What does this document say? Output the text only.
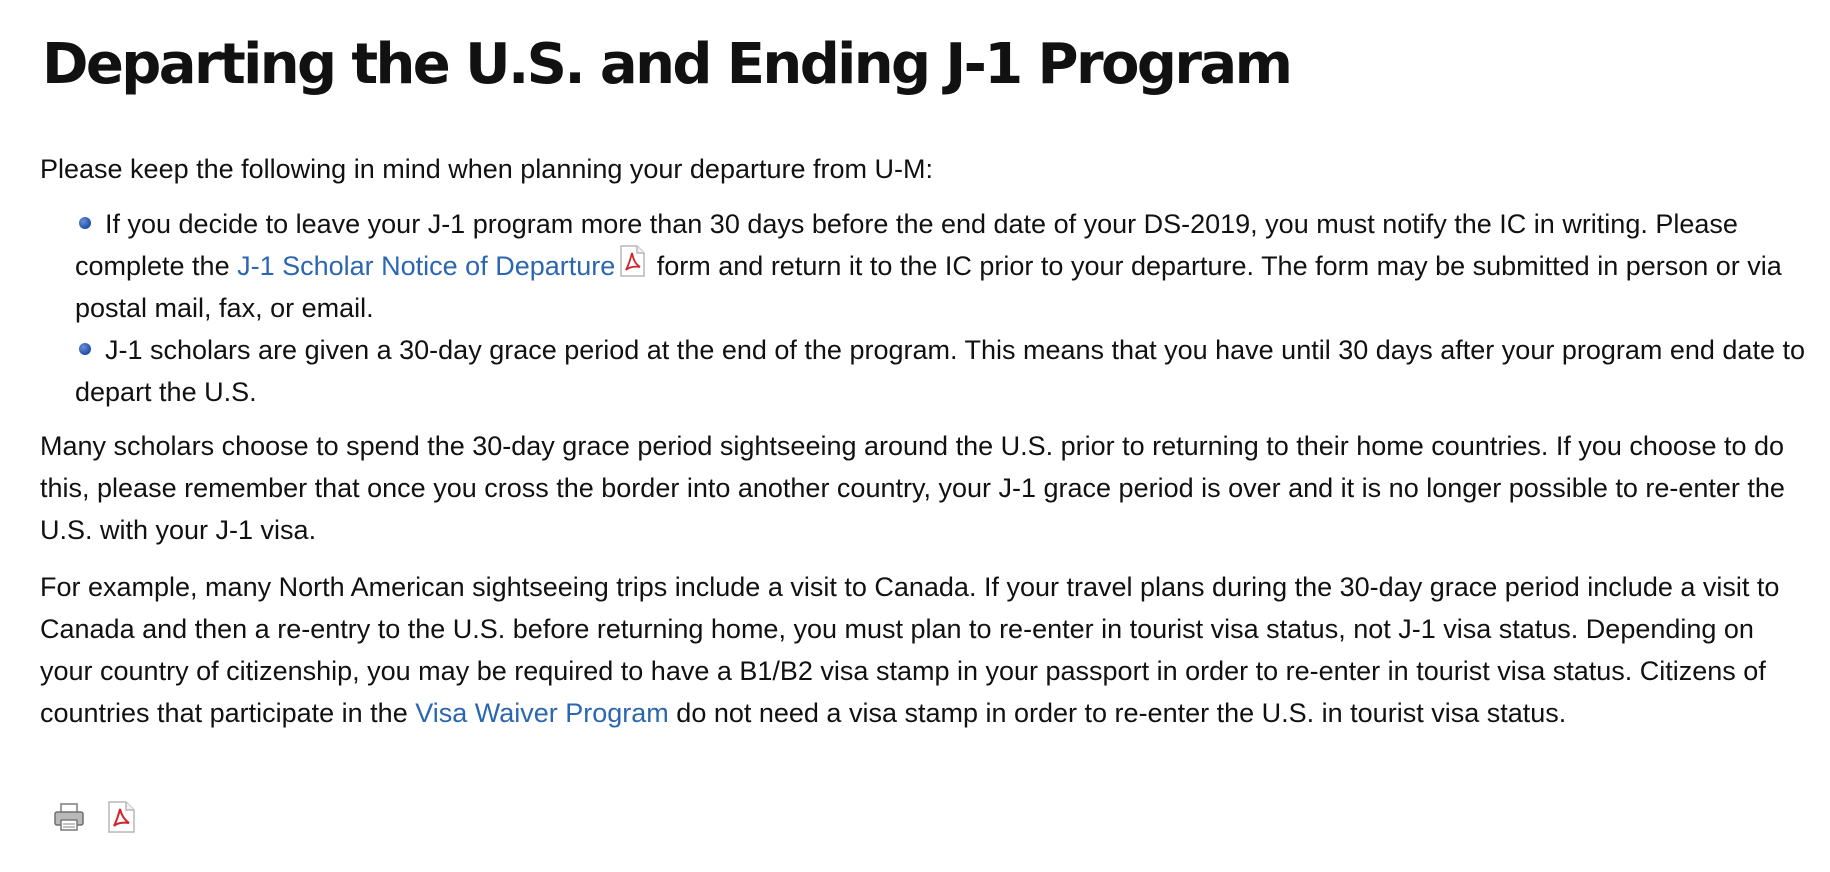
Departing the U.S. and Ending J-1 Program

Please keep the following in mind when planning your departure from U-M:

If you decide to leave your J-1 program more than 30 days before the end date of your DS-2019, you must notify the IC in writing. Please complete the J-1 Scholar Notice of Departure form and return it to the IC prior to your departure. The form may be submitted in person or via postal mail, fax, or email.
J-1 scholars are given a 30-day grace period at the end of the program. This means that you have until 30 days after your program end date to depart the U.S.

Many scholars choose to spend the 30-day grace period sightseeing around the U.S. prior to returning to their home countries. If you choose to do this, please remember that once you cross the border into another country, your J-1 grace period is over and it is no longer possible to re-enter the U.S. with your J-1 visa.

For example, many North American sightseeing trips include a visit to Canada. If your travel plans during the 30-day grace period include a visit to Canada and then a re-entry to the U.S. before returning home, you must plan to re-enter in tourist visa status, not J-1 visa status. Depending on your country of citizenship, you may be required to have a B1/B2 visa stamp in your passport in order to re-enter in tourist visa status. Citizens of countries that participate in the Visa Waiver Program do not need a visa stamp in order to re-enter the U.S. in tourist visa status.
